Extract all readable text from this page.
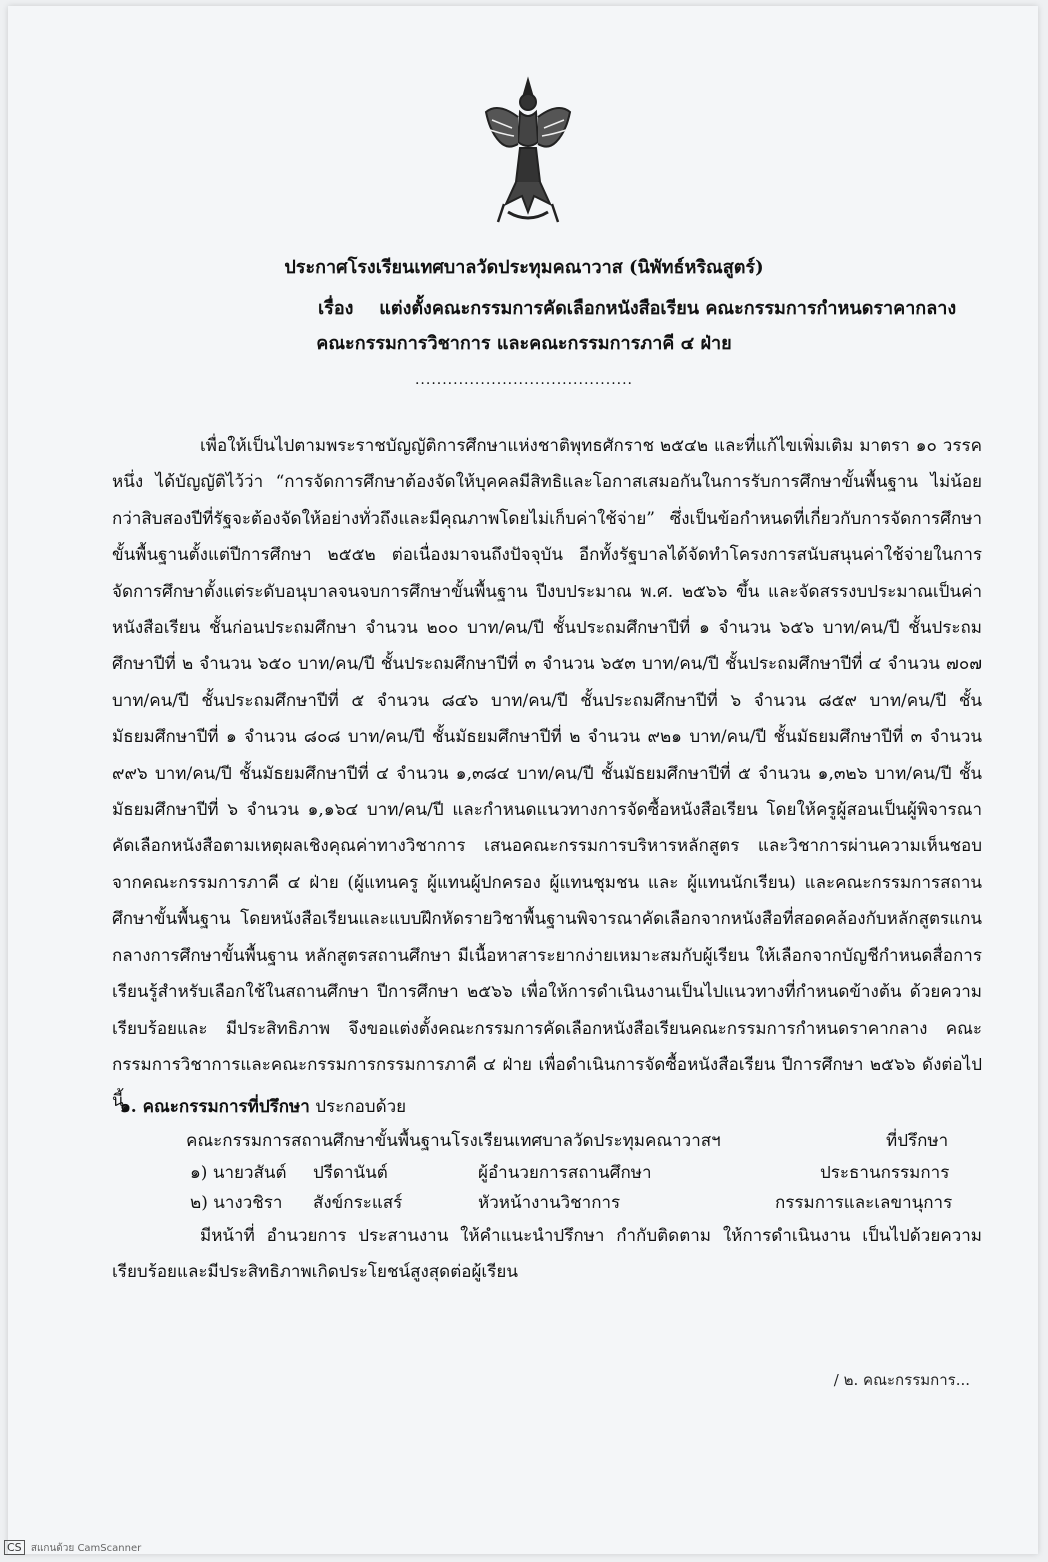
ประกาศโรงเรียนเทศบาลวัดประทุมคณาวาส (นิพัทธ์หริณสูตร์)
เรื่อง แต่งตั้งคณะกรรมการคัดเลือกหนังสือเรียน คณะกรรมการกำหนดราคากลาง
คณะกรรมการวิชาการ และคณะกรรมการภาคี ๔ ฝ่าย
........................................
เพื่อให้เป็นไปตามพระราชบัญญัติการศึกษาแห่งชาติพุทธศักราช ๒๕๔๒ และที่แก้ไขเพิ่มเติม มาตรา ๑๐ วรรคหนึ่ง ได้บัญญัติไว้ว่า “การจัดการศึกษาต้องจัดให้บุคคลมีสิทธิและโอกาสเสมอกันในการรับการศึกษาขั้นพื้นฐาน ไม่น้อยกว่าสิบสองปีที่รัฐจะต้องจัดให้อย่างทั่วถึงและมีคุณภาพโดยไม่เก็บค่าใช้จ่าย” ซึ่งเป็นข้อกำหนดที่เกี่ยวกับการจัดการศึกษาขั้นพื้นฐานตั้งแต่ปีการศึกษา ๒๕๕๒ ต่อเนื่องมาจนถึงปัจจุบัน อีกทั้งรัฐบาลได้จัดทำโครงการสนับสนุนค่าใช้จ่ายในการจัดการศึกษาตั้งแต่ระดับอนุบาลจนจบการศึกษาขั้นพื้นฐาน ปีงบประมาณ พ.ศ. ๒๕๖๖ ขึ้น และจัดสรรงบประมาณเป็นค่าหนังสือเรียน ชั้นก่อนประถมศึกษา จำนวน ๒๐๐ บาท/คน/ปี ชั้นประถมศึกษาปีที่ ๑ จำนวน ๖๕๖ บาท/คน/ปี ชั้นประถมศึกษาปีที่ ๒ จำนวน ๖๕๐ บาท/คน/ปี ชั้นประถมศึกษาปีที่ ๓ จำนวน ๖๕๓ บาท/คน/ปี ชั้นประถมศึกษาปีที่ ๔ จำนวน ๗๐๗ บาท/คน/ปี ชั้นประถมศึกษาปีที่ ๕ จำนวน ๘๔๖ บาท/คน/ปี ชั้นประถมศึกษาปีที่ ๖ จำนวน ๘๕๙ บาท/คน/ปี ชั้นมัธยมศึกษาปีที่ ๑ จำนวน ๘๐๘ บาท/คน/ปี ชั้นมัธยมศึกษาปีที่ ๒ จำนวน ๙๒๑ บาท/คน/ปี ชั้นมัธยมศึกษาปีที่ ๓ จำนวน ๙๙๖ บาท/คน/ปี ชั้นมัธยมศึกษาปีที่ ๔ จำนวน ๑,๓๘๔ บาท/คน/ปี ชั้นมัธยมศึกษาปีที่ ๕ จำนวน ๑,๓๒๖ บาท/คน/ปี ชั้นมัธยมศึกษาปีที่ ๖ จำนวน ๑,๑๖๔ บาท/คน/ปี และกำหนดแนวทางการจัดซื้อหนังสือเรียน โดยให้ครูผู้สอนเป็นผู้พิจารณาคัดเลือกหนังสือตามเหตุผลเชิงคุณค่าทางวิชาการ เสนอคณะกรรมการบริหารหลักสูตร และวิชาการผ่านความเห็นชอบจากคณะกรรมการภาคี ๔ ฝ่าย (ผู้แทนครู ผู้แทนผู้ปกครอง ผู้แทนชุมชน และ ผู้แทนนักเรียน) และคณะกรรมการสถานศึกษาขั้นพื้นฐาน โดยหนังสือเรียนและแบบฝึกหัดรายวิชาพื้นฐานพิจารณาคัดเลือกจากหนังสือที่สอดคล้องกับหลักสูตรแกนกลางการศึกษาขั้นพื้นฐาน หลักสูตรสถานศึกษา มีเนื้อหาสาระยากง่ายเหมาะสมกับผู้เรียน ให้เลือกจากบัญชีกำหนดสื่อการเรียนรู้สำหรับเลือกใช้ในสถานศึกษา ปีการศึกษา ๒๕๖๖ เพื่อให้การดำเนินงานเป็นไปแนวทางที่กำหนดข้างต้น ด้วยความเรียบร้อยและ มีประสิทธิภาพ จึงขอแต่งตั้งคณะกรรมการคัดเลือกหนังสือเรียนคณะกรรมการกำหนดราคากลาง คณะกรรมการวิชาการและคณะกรรมการกรรมการภาคี ๔ ฝ่าย เพื่อดำเนินการจัดซื้อหนังสือเรียน ปีการศึกษา ๒๕๖๖ ดังต่อไปนี้
๑. คณะกรรมการที่ปรึกษา ประกอบด้วย
คณะกรรมการสถานศึกษาขั้นพื้นฐานโรงเรียนเทศบาลวัดประทุมคณาวาสฯ	ที่ปรึกษา
๑) นายวสันต์ ปรีดานันต์	ผู้อำนวยการสถานศึกษา	ประธานกรรมการ
๒) นางวชิรา สังข์กระแสร์	หัวหน้างานวิชาการ	กรรมการและเลขานุการ
มีหน้าที่ อำนวยการ ประสานงาน ให้คำแนะนำปรึกษา กำกับติดตาม ให้การดำเนินงาน เป็นไปด้วยความเรียบร้อยและมีประสิทธิภาพเกิดประโยชน์สูงสุดต่อผู้เรียน
/ ๒. คณะกรรมการ...
CS สแกนด้วย CamScanner
